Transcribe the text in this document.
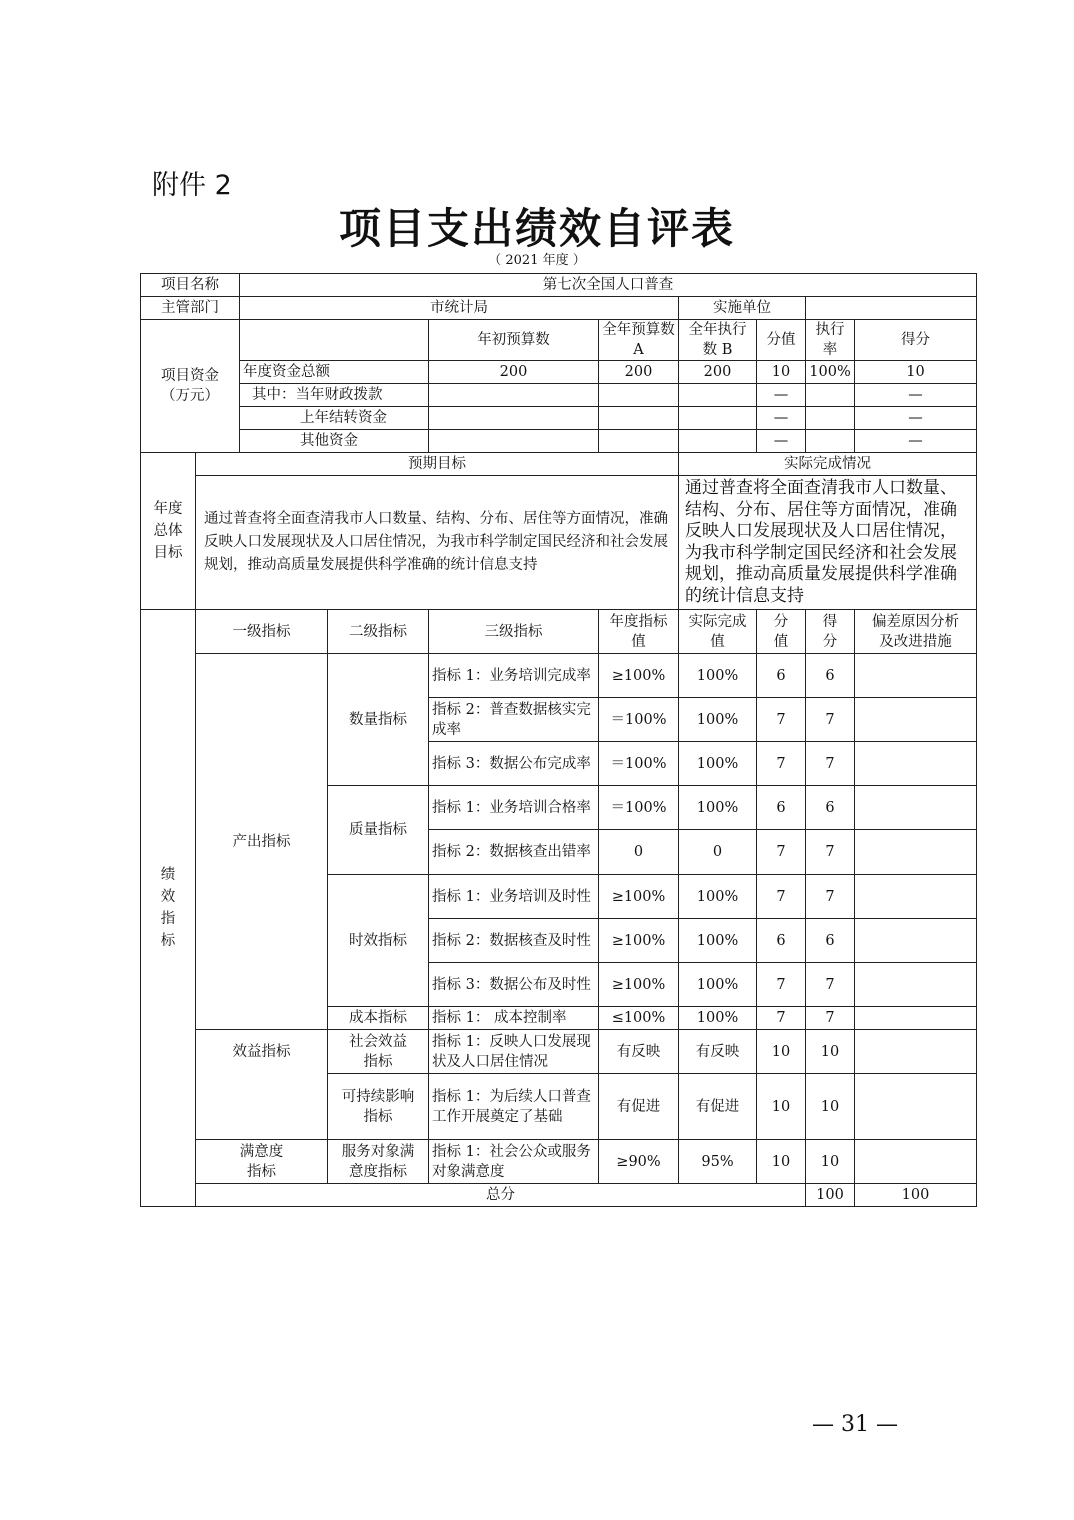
附件 2
项目支出绩效自评表
（ 2021 年度 ）
项目名称		第七次全国人口普查								
主管部门		市统计局				实施单位				
项目资金（万元）				年初预算数	全年预算数 A	全年执行数 B	分值	执行率	得分	
		年度资金总额		200	200	200	10	100%	10	
		其中：当年财政拨款					—		—	
		上年结转资金					—		—	
		其他资金					—		—	
年度总体目标	预期目标					实际完成情况				
	通过普查将全面查清我市人口数量、结构、分布、居住等方面情况，准确反映人口发展现状及人口居住情况，为我市科学制定国民经济和社会发展规划，推动高质量发展提供科学准确的统计信息支持					通过普查将全面查清我市人口数量、结构、分布、居住等方面情况，准确反映人口发展现状及人口居住情况，为我市科学制定国民经济和社会发展规划，推动高质量发展提供科学准确的统计信息支持				
绩效指标	一级指标		二级指标	三级指标	年度指标值	实际完成值	分值	得分	偏差原因分析及改进措施	
	产出指标		数量指标	指标 1：业务培训完成率	≥100%	100%	6	6		
				指标 2：普查数据核实完成率	＝100%	100%	7	7		
				指标 3：数据公布完成率	＝100%	100%	7	7		
			质量指标	指标 1：业务培训合格率	＝100%	100%	6	6		
				指标 2：数据核查出错率	0	0	7	7		
			时效指标	指标 1：业务培训及时性	≥100%	100%	7	7		
				指标 2：数据核查及时性	≥100%	100%	6	6		
				指标 3：数据公布及时性	≥100%	100%	7	7		
			成本指标	指标 1： 成本控制率	≤100%	100%	7	7		
	效益指标		社会效益指标	指标 1：反映人口发展现状及人口居住情况	有反映	有反映	10	10		
			可持续影响指标	指标 1：为后续人口普查工作开展奠定了基础	有促进	有促进	10	10		
	满意度指标		服务对象满意度指标	指标 1：社会公众或服务对象满意度	≥90%	95%	10	10		
	总分							100	100	
— 31 —
